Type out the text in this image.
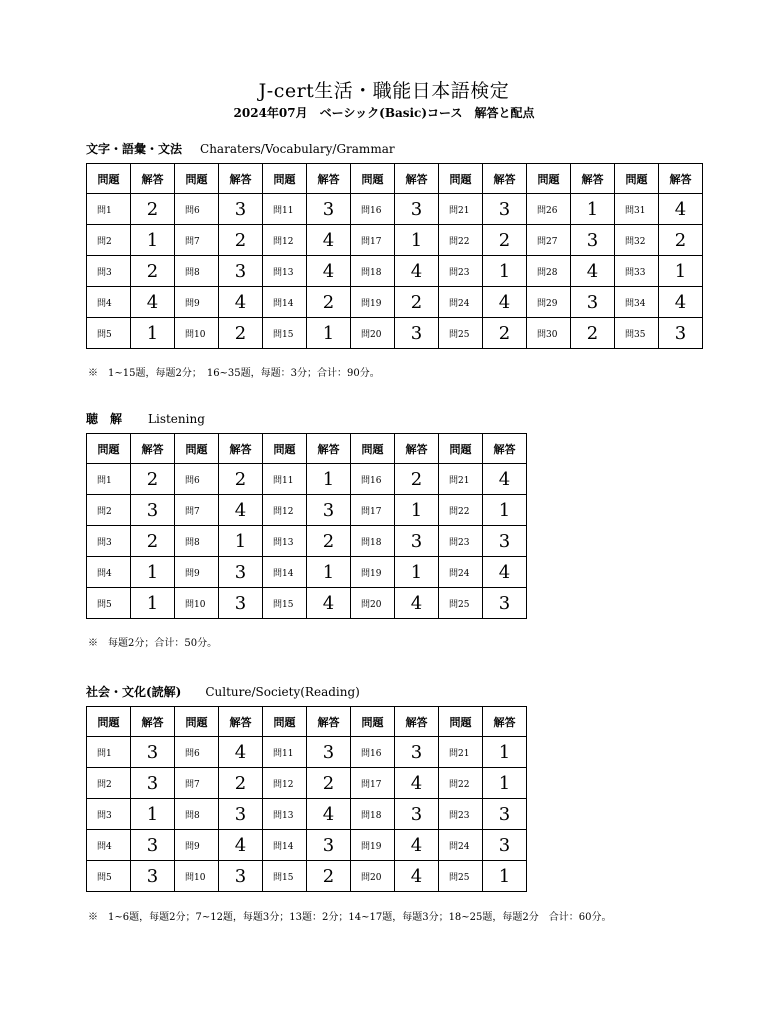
J-cert生活・職能日本語検定
2024年07月　ベーシック(Basic)コース　解答と配点
文字・語彙・文法 Charaters/Vocabulary/Grammar
問題	解答	問題	解答	問題	解答	問題	解答	問題	解答	問題	解答	問題	解答
問1	2	問6	3	問11	3	問16	3	問21	3	問26	1	問31	4
問2	1	問7	2	問12	4	問17	1	問22	2	問27	3	問32	2
問3	2	問8	3	問13	4	問18	4	問23	1	問28	4	問33	1
問4	4	問9	4	問14	2	問19	2	問24	4	問29	3	問34	4
問5	1	問10	2	問15	1	問20	3	問25	2	問30	2	問35	3
※　1~15题，每题2分；　16~35题，每题：3分；合计：90分。
聴　解 Listening
問題	解答	問題	解答	問題	解答	問題	解答	問題	解答
問1	2	問6	2	問11	1	問16	2	問21	4
問2	3	問7	4	問12	3	問17	1	問22	1
問3	2	問8	1	問13	2	問18	3	問23	3
問4	1	問9	3	問14	1	問19	1	問24	4
問5	1	問10	3	問15	4	問20	4	問25	3
※　每题2分；合计：50分。
社会・文化(読解) Culture/Society(Reading)
問題	解答	問題	解答	問題	解答	問題	解答	問題	解答
問1	3	問6	4	問11	3	問16	3	問21	1
問2	3	問7	2	問12	2	問17	4	問22	1
問3	1	問8	3	問13	4	問18	3	問23	3
問4	3	問9	4	問14	3	問19	4	問24	3
問5	3	問10	3	問15	2	問20	4	問25	1
※　1~6题，每题2分；7~12题，每题3分；13题：2分；14~17题，每题3分；18~25题，每题2分　合计：60分。
